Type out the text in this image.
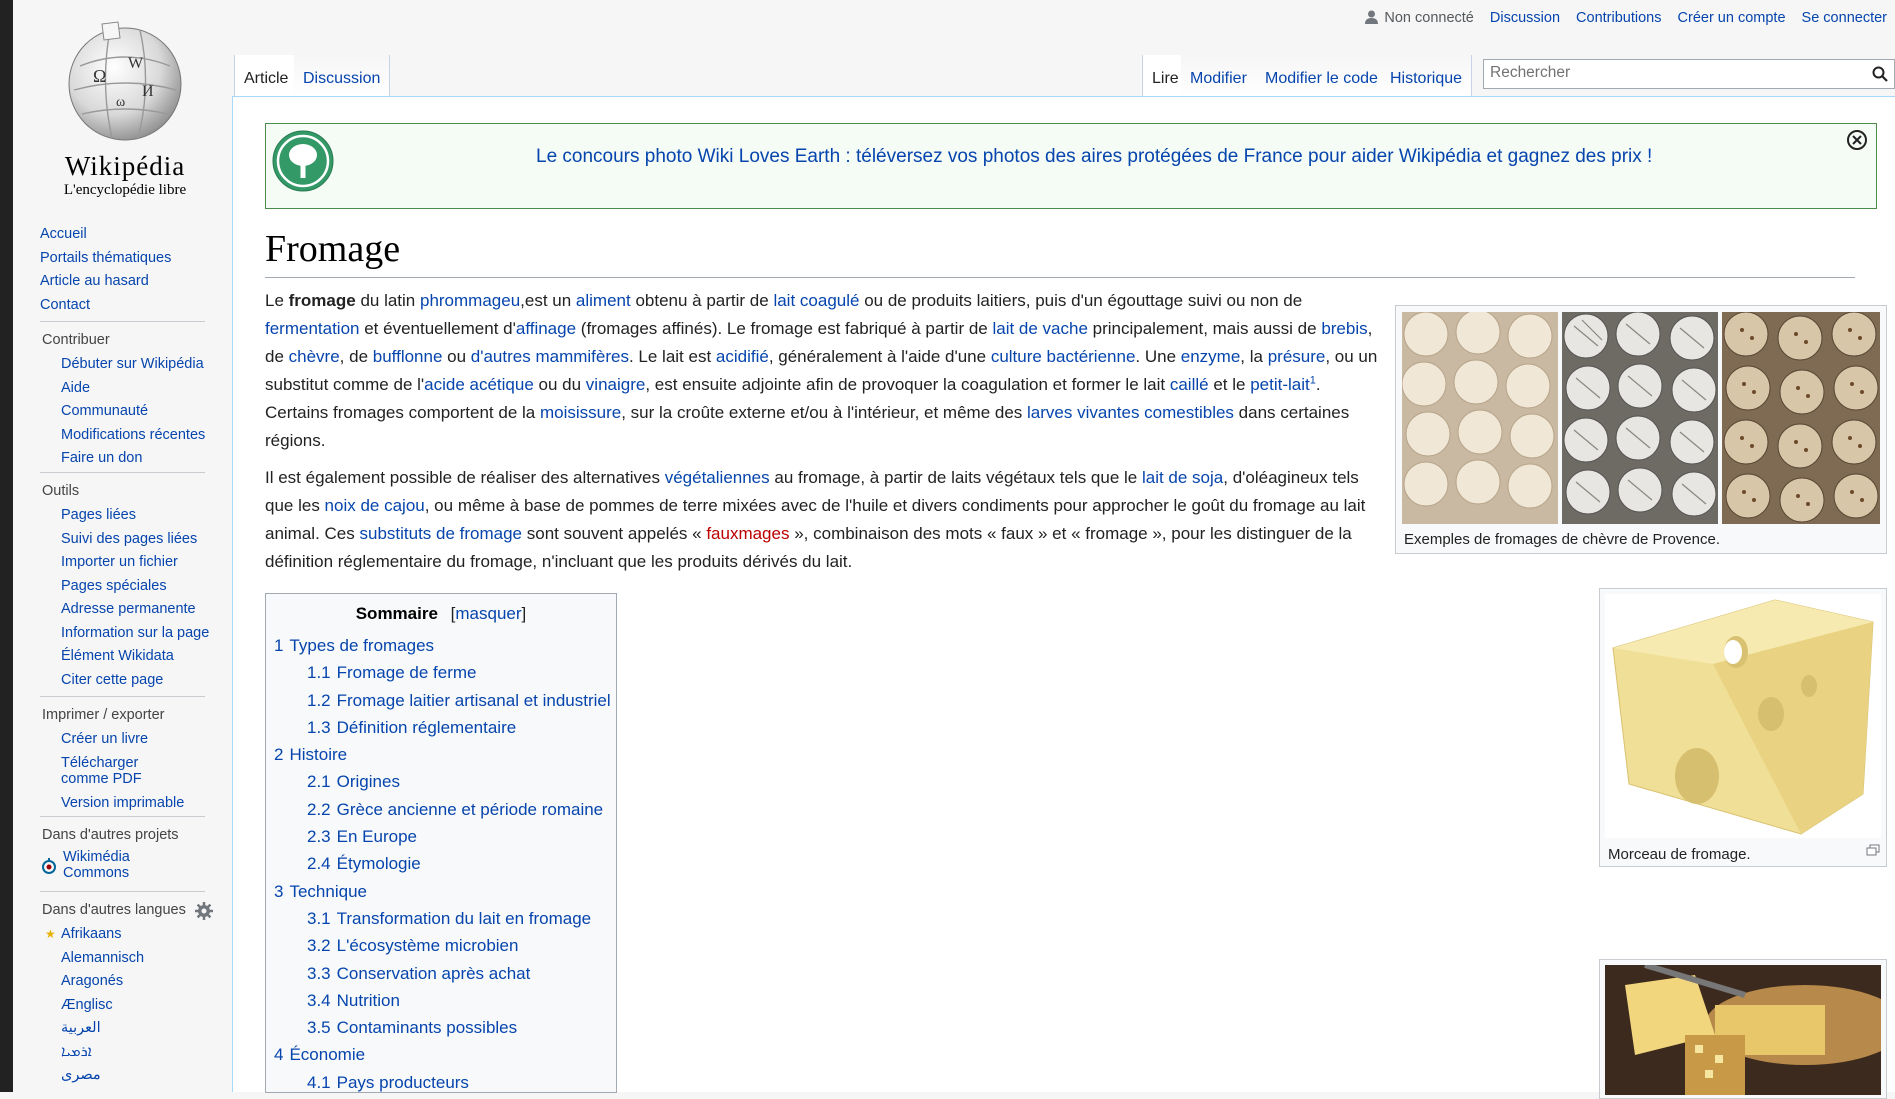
Ω
W
И
ω
Wikipédia
L'encyclopédie libre
Accueil
Portails thématiques
Article au hasard
Contact
Contribuer
Débuter sur Wikipédia
Aide
Communauté
Modifications récentes
Faire un don
Outils
Pages liées
Suivi des pages liées
Importer un fichier
Pages spéciales
Adresse permanente
Information sur la page
Élément Wikidata
Citer cette page
Imprimer / exporter
Créer un livre
Télécharger comme PDF
Version imprimable
Dans d'autres projets
Wikimédia Commons
Dans d'autres langues
★ Afrikaans
Alemannisch
Aragonés
Ænglisc
العربية
ܐܪܡܝܐ
مصرى
Non connecté Discussion Contributions Créer un compte Se connecter
Article Discussion	Lire Modifier	Modifier le code Historique
Rechercher
Le concours photo Wiki Loves Earth : téléversez vos photos des aires protégées de France pour aider Wikipédia et gagnez des prix !
Fromage

Le fromage du latin phrommageu,est un aliment obtenu à partir de lait coagulé ou de produits laitiers, puis d'un égouttage suivi ou non de fermentation et éventuellement d'affinage (fromages affinés). Le fromage est fabriqué à partir de lait de vache principalement, mais aussi de brebis, de chèvre, de bufflonne ou d'autres mammifères. Le lait est acidifié, généralement à l'aide d'une culture bactérienne. Une enzyme, la présure, ou un substitut comme de l'acide acétique ou du vinaigre, est ensuite adjointe afin de provoquer la coagulation et former le lait caillé et le petit-lait$^1$. Certains fromages comportent de la moisissure, sur la croûte externe et/ou à l'intérieur, et même des larves vivantes comestibles dans certaines régions.

Il est également possible de réaliser des alternatives végétaliennes au fromage, à partir de laits végétaux tels que le lait de soja, d'oléagineux tels que les noix de cajou, ou même à base de pommes de terre mixées avec de l'huile et divers condiments pour approcher le goût du fromage au lait animal. Ces substituts de fromage sont souvent appelés « fauxmages », combinaison des mots « faux » et « fromage », pour les distinguer de la définition réglementaire du fromage, n'incluant que les produits dérivés du lait.

Sommaire [masquer]
1 Types de fromages
1.1 Fromage de ferme
1.2 Fromage laitier artisanal et industriel
1.3 Définition réglementaire
2 Histoire
2.1 Origines
2.2 Grèce ancienne et période romaine
2.3 En Europe
2.4 Étymologie
3 Technique
3.1 Transformation du lait en fromage
3.2 L'écosystème microbien
3.3 Conservation après achat
3.4 Nutrition
3.5 Contaminants possibles
4 Économie
4.1 Pays producteurs
Exemples de fromages de chèvre de Provence.
Morceau de fromage.
